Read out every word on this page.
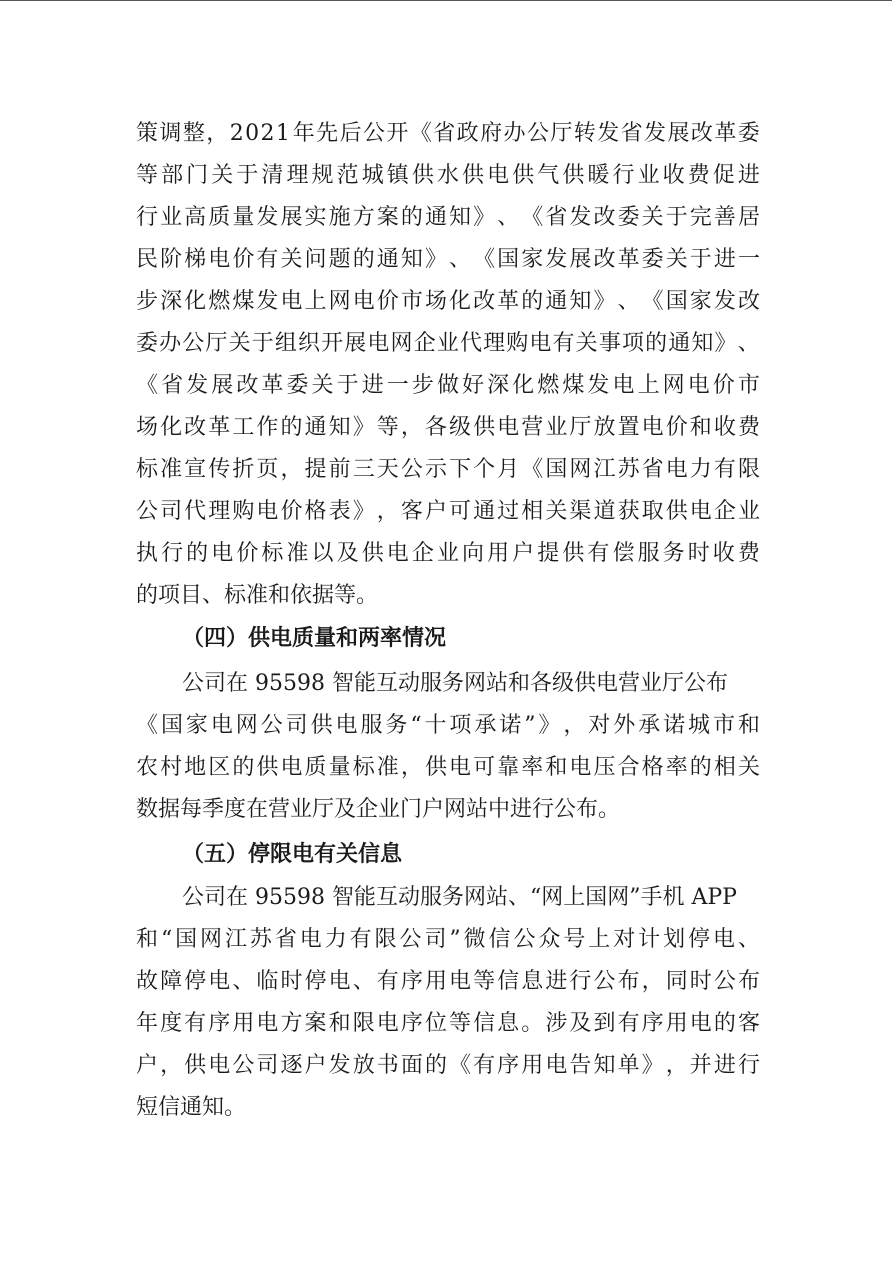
策 调 整 ， 2 0 2 1 年 先 后 公 开 《 省 政 府 办 公 厅 转 发 省 发 展 改 革 委
等 部 门 关 于 清 理 规 范 城 镇 供 水 供 电 供 气 供 暖 行 业 收 费 促 进
行 业 高 质 量 发 展 实 施 方 案 的 通 知 》 、 《 省 发 改 委 关 于 完 善 居
民 阶 梯 电 价 有 关 问 题 的 通 知 》 、 《 国 家 发 展 改 革 委 关 于 进 一
步 深 化 燃 煤 发 电 上 网 电 价 市 场 化 改 革 的 通 知 》 、 《 国 家 发 改
委 办 公 厅 关 于 组 织 开 展 电 网 企 业 代 理 购 电 有 关 事 项 的 通 知 》 、
《 省 发 展 改 革 委 关 于 进 一 步 做 好 深 化 燃 煤 发 电 上 网 电 价 市
场 化 改 革 工 作 的 通 知 》 等 ， 各 级 供 电 营 业 厅 放 置 电 价 和 收 费
标 准 宣 传 折 页 ， 提 前 三 天 公 示 下 个 月 《 国 网 江 苏 省 电 力 有 限
公 司 代 理 购 电 价 格 表 》 ， 客 户 可 通 过 相 关 渠 道 获 取 供 电 企 业
执 行 的 电 价 标 准 以 及 供 电 企 业 向 用 户 提 供 有 偿 服 务 时 收 费
的项目、标准和依据等。
（四）供电质量和两率情况
公司在 95598 智能互动服务网站和各级供电营业厅公布
《 国 家 电 网 公 司 供 电 服 务 “ 十 项 承 诺 ” 》 ， 对 外 承 诺 城 市 和
农 村 地 区 的 供 电 质 量 标 准 ， 供 电 可 靠 率 和 电 压 合 格 率 的 相 关
数据每季度在营业厅及企业门户网站中进行公布。
（五）停限电有关信息
公司在 95598 智能互动服务网站、“网上国网”手机 APP
和 “ 国 网 江 苏 省 电 力 有 限 公 司 ” 微 信 公 众 号 上 对 计 划 停 电 、
故 障 停 电 、 临 时 停 电 、 有 序 用 电 等 信 息 进 行 公 布 ， 同 时 公 布
年 度 有 序 用 电 方 案 和 限 电 序 位 等 信 息 。 涉 及 到 有 序 用 电 的 客
户 ， 供 电 公 司 逐 户 发 放 书 面 的 《 有 序 用 电 告 知 单 》 ， 并 进 行
短信通知。
